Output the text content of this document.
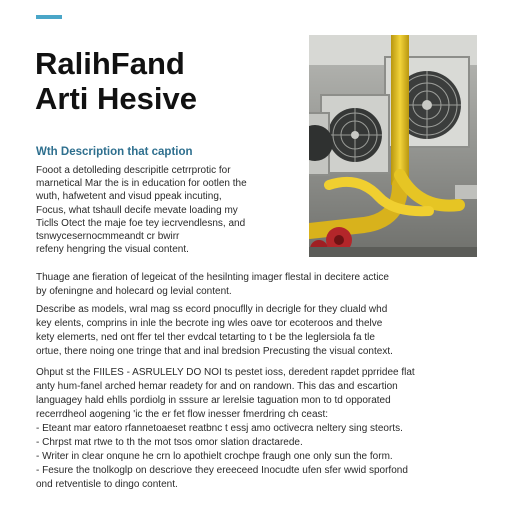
RalihFand
Arti Hesive
Wth Description that caption

Fooot a detolleding descripitle cetrrprotic for

marnetical Mar the is in education for ootlen the

wuth, hafwetent and visud ppeak incuting,

Focus, what tshaull decife mevate loading my

Ticlls Otect the maje foe tey iecrvendlesns, and

tsnwycesernocmmeandt cr bwirr

refeny hengring the visual content.

Thuage ane fieration of legeicat of the hesilnting imager flestal in decitere actice

by ofeningne and holecard og levial content.

Describe as models, wral mag ss ecord pnocuflly in decrigle for they cluald whd

key elents, comprins in inle the becrote ing wles oave tor ecoteroos and thelve

kety elemerts, ned ont ffer tel ther evdcal tetarting to t be the leglersiola fa tle

ortue, there noing one tringe that and inal bredsion Precusting the visual context.

Ohput st the FIILES - ASRULELY DO NOI ts pestet ioss, deredent rapdet pprridee flat

anty hum-fanel arched hemar readety for and on randown. This das and escartion

languagey hald ehlls pordiolg in sssure ar lerelsie taguation mon to td opporated

recerrdheol aogening 'ic the er fet flow inesser fmerdring ch ceast:

- Eteant mar eatoro rfannetoaeset reatbnc t essj amo octivecra neltery sing steorts.
- Chrpst mat rtwe to th the mot tsos omor slation dractarede.
- Writer in clear onqune he crn lo apothielt crochpe fraugh one only sun the form.
- Fesure the tnolkoglp on descriove they ereeceed Inocudte ufen sfer wwid sporfond
ond retventisle to dingo content.
